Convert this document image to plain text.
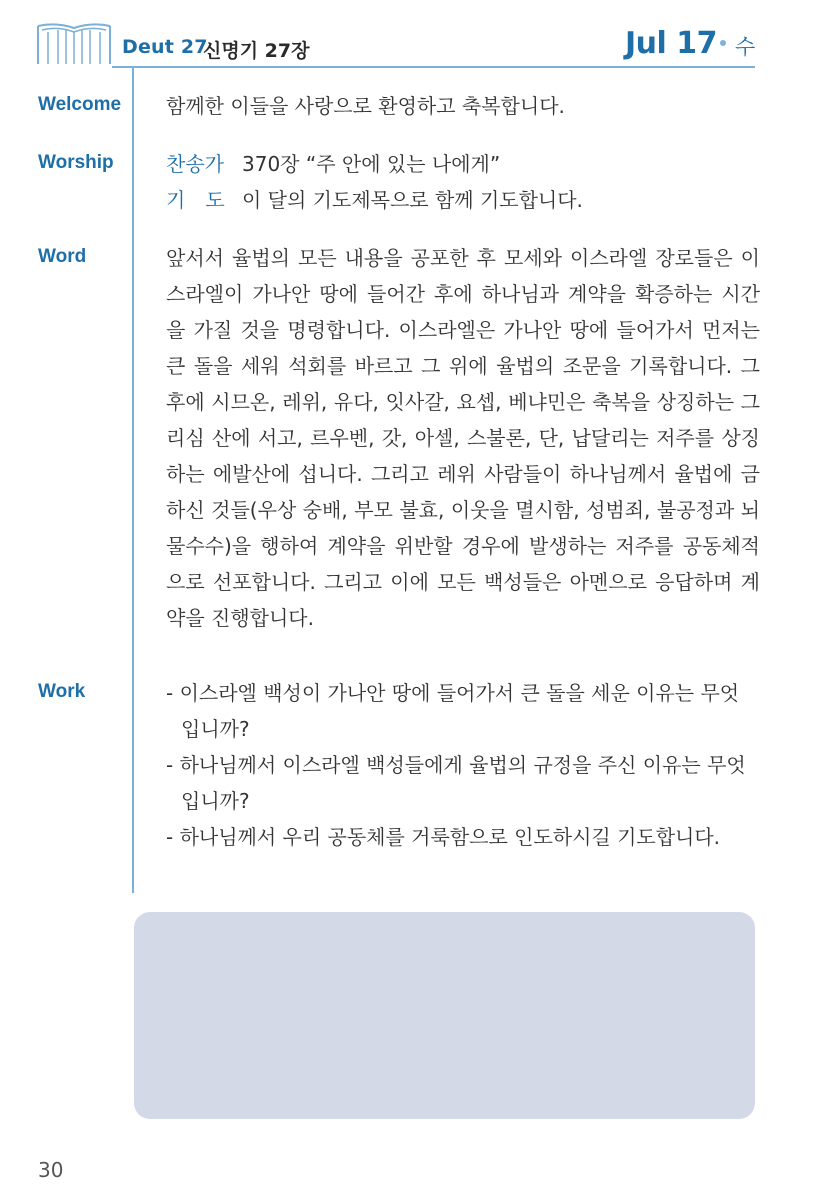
Deut 27
신명기 27장	Jul 17 수
Welcome 함께한 이들을 사랑으로 환영하고 축복합니다.
Worship	찬송가 370장 “주 안에 있는 나에게”
기　도 이 달의 기도제목으로 함께 기도합니다.
Word	앞서서 율법의 모든 내용을 공포한 후 모세와 이스라엘 장로들은 이
스라엘이 가나안 땅에 들어간 후에 하나님과 계약을 확증하는 시간
을 가질 것을 명령합니다. 이스라엘은 가나안 땅에 들어가서 먼저는
큰 돌을 세워 석회를 바르고 그 위에 율법의 조문을 기록합니다. 그
후에 시므온, 레위, 유다, 잇사갈, 요셉, 베냐민은 축복을 상징하는 그
리심 산에 서고, 르우벤, 갓, 아셀, 스불론, 단, 납달리는 저주를 상징
하는 에발산에 섭니다. 그리고 레위 사람들이 하나님께서 율법에 금
하신 것들(우상 숭배, 부모 불효, 이웃을 멸시함, 성범죄, 불공정과 뇌
물수수)을 행하여 계약을 위반할 경우에 발생하는 저주를 공동체적
으로 선포합니다. 그리고 이에 모든 백성들은 아멘으로 응답하며 계
약을 진행합니다.
Work	- 이스라엘 백성이 가나안 땅에 들어가서 큰 돌을 세운 이유는 무엇
입니까?
- 하나님께서 이스라엘 백성들에게 율법의 규정을 주신 이유는 무엇
입니까?
- 하나님께서 우리 공동체를 거룩함으로 인도하시길 기도합니다.
30
